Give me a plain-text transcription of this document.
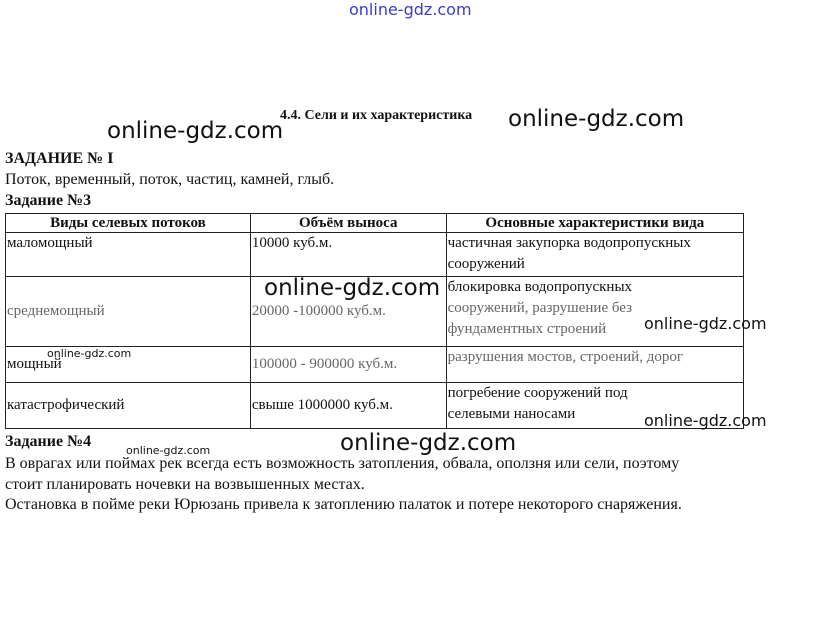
online-gdz.com
4.4. Сели и их характеристика
ЗАДАНИЕ № I
Поток, временный, поток, частиц, камней, глыб.
Задание №3
Виды селевых потоков	Объём выноса	Основные характеристики вида
маломощный	10000 куб.м.	частичная закупорка водопропускных
сооружений

среднемощный	20000 -100000 куб.м.	блокировка водопропускных
сооружений, разрушение без
фундаментных строений

мощный	100000 - 900000 куб.м.	разрушения мостов, строений, дорог

катастрофический	свыше 1000000 куб.м.	погребение сооружений под
селевыми наносами
Задание №4
В оврагах или поймах рек всегда есть возможность затопления, обвала, оползня или сели, поэтому
стоит планировать ночевки на возвышенных местах.
Остановка в пойме реки Юрюзань привела к затоплению палаток и потере некоторого снаряжения.
online-gdz.com	online-gdz.com
online-gdz.com
online-gdz.com
online-gdz.com
online-gdz.com
online-gdz.com
online-gdz.com
